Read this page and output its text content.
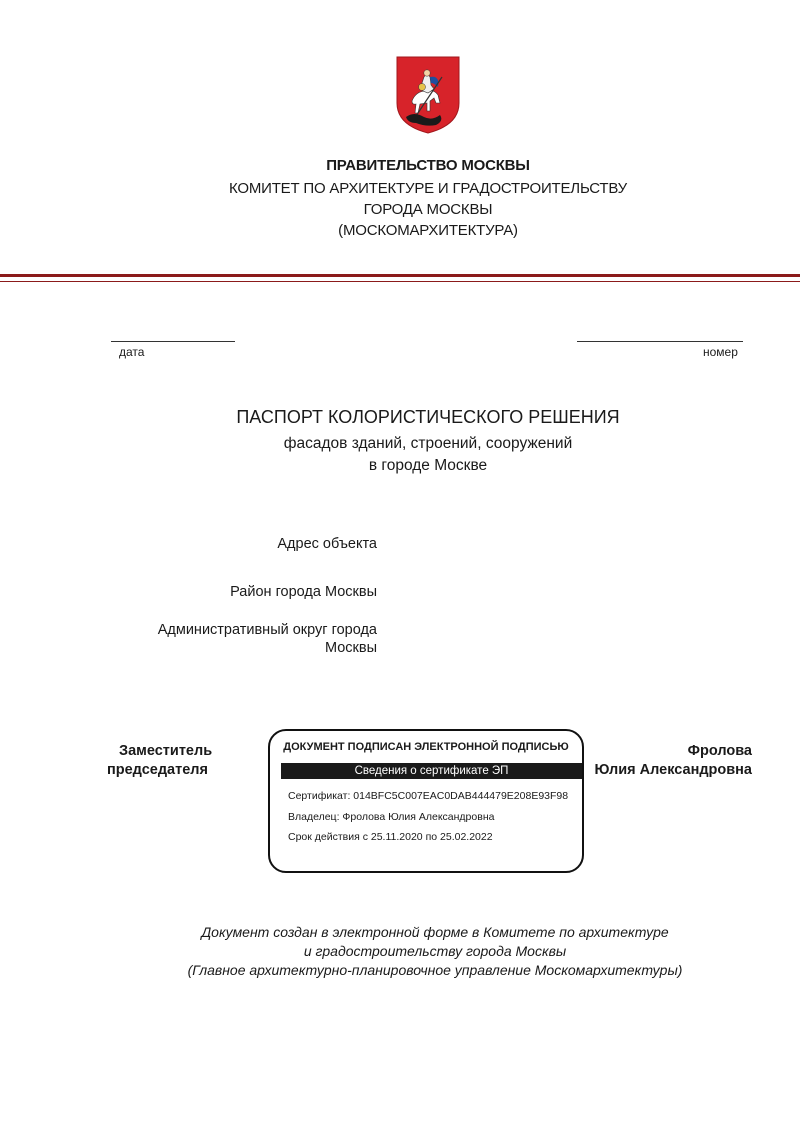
ПРАВИТЕЛЬСТВО МОСКВЫ
КОМИТЕТ ПО АРХИТЕКТУРЕ И ГРАДОСТРОИТЕЛЬСТВУ
ГОРОДА МОСКВЫ
(МОСКОМАРХИТЕКТУРА)
дата	номер
ПАСПОРТ КОЛОРИСТИЧЕСКОГО РЕШЕНИЯ
фасадов зданий, строений, сооружений
в городе Москве
Адрес объекта
Район города Москвы
Административный округ города
Москвы
Заместитель
председателя
Фролова
Юлия Александровна
ДОКУМЕНТ ПОДПИСАН ЭЛЕКТРОННОЙ ПОДПИСЬЮ
Сведения о сертификате ЭП
Сертификат: 014BFC5C007EAC0DAB444479E208E93F98
Владелец: Фролова Юлия Александровна
Срок действия с 25.11.2020 по 25.02.2022
Документ создан в электронной форме в Комитете по архитектуре
и градостроительству города Москвы
(Главное архитектурно-планировочное управление Москомархитектуры)
